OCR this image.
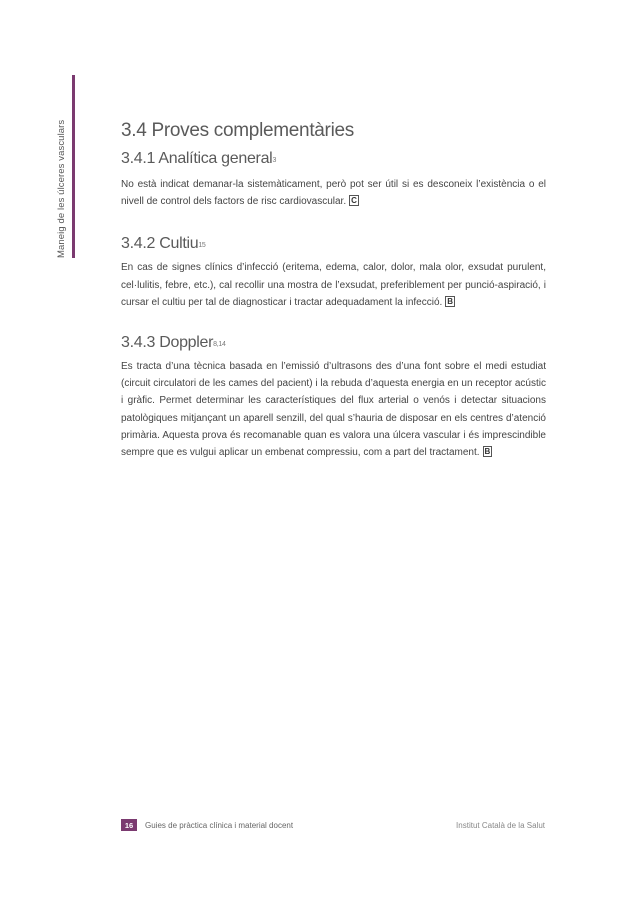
Maneig de les úlceres vasculars	3.4 Proves complementàries
3.4.1 Analítica general$^3$

No està indicat demanar-la sistemàticament, però pot ser útil si es desconeix l’existència o el nivell de control dels factors de risc cardiovascular. C

3.4.2 Cultiu$^{15}$

En cas de signes clínics d’infecció (eritema, edema, calor, dolor, mala olor, exsudat purulent, cel·lulitis, febre, etc.), cal recollir una mostra de l’exsudat, preferiblement per punció-aspiració, i cursar el cultiu per tal de diagnosticar i tractar adequadament la infecció. B

3.4.3 Doppler$^{8,14}$

Es tracta d’una tècnica basada en l’emissió d’ultrasons des d’una font sobre el medi estudiat (circuit circulatori de les cames del pacient) i la rebuda d’aquesta energia en un receptor acústic i gràfic. Permet determinar les característiques del flux arterial o venós i detectar situacions patològiques mitjançant un aparell senzill, del qual s’hauria de disposar en els centres d’atenció primària. Aquesta prova és recomanable quan es valora una úlcera vascular i és imprescindible sempre que es vulgui aplicar un embenat compressiu, com a part del tractament. B

16	Guies de pràctica clínica i material docent	Institut Català de la Salut
